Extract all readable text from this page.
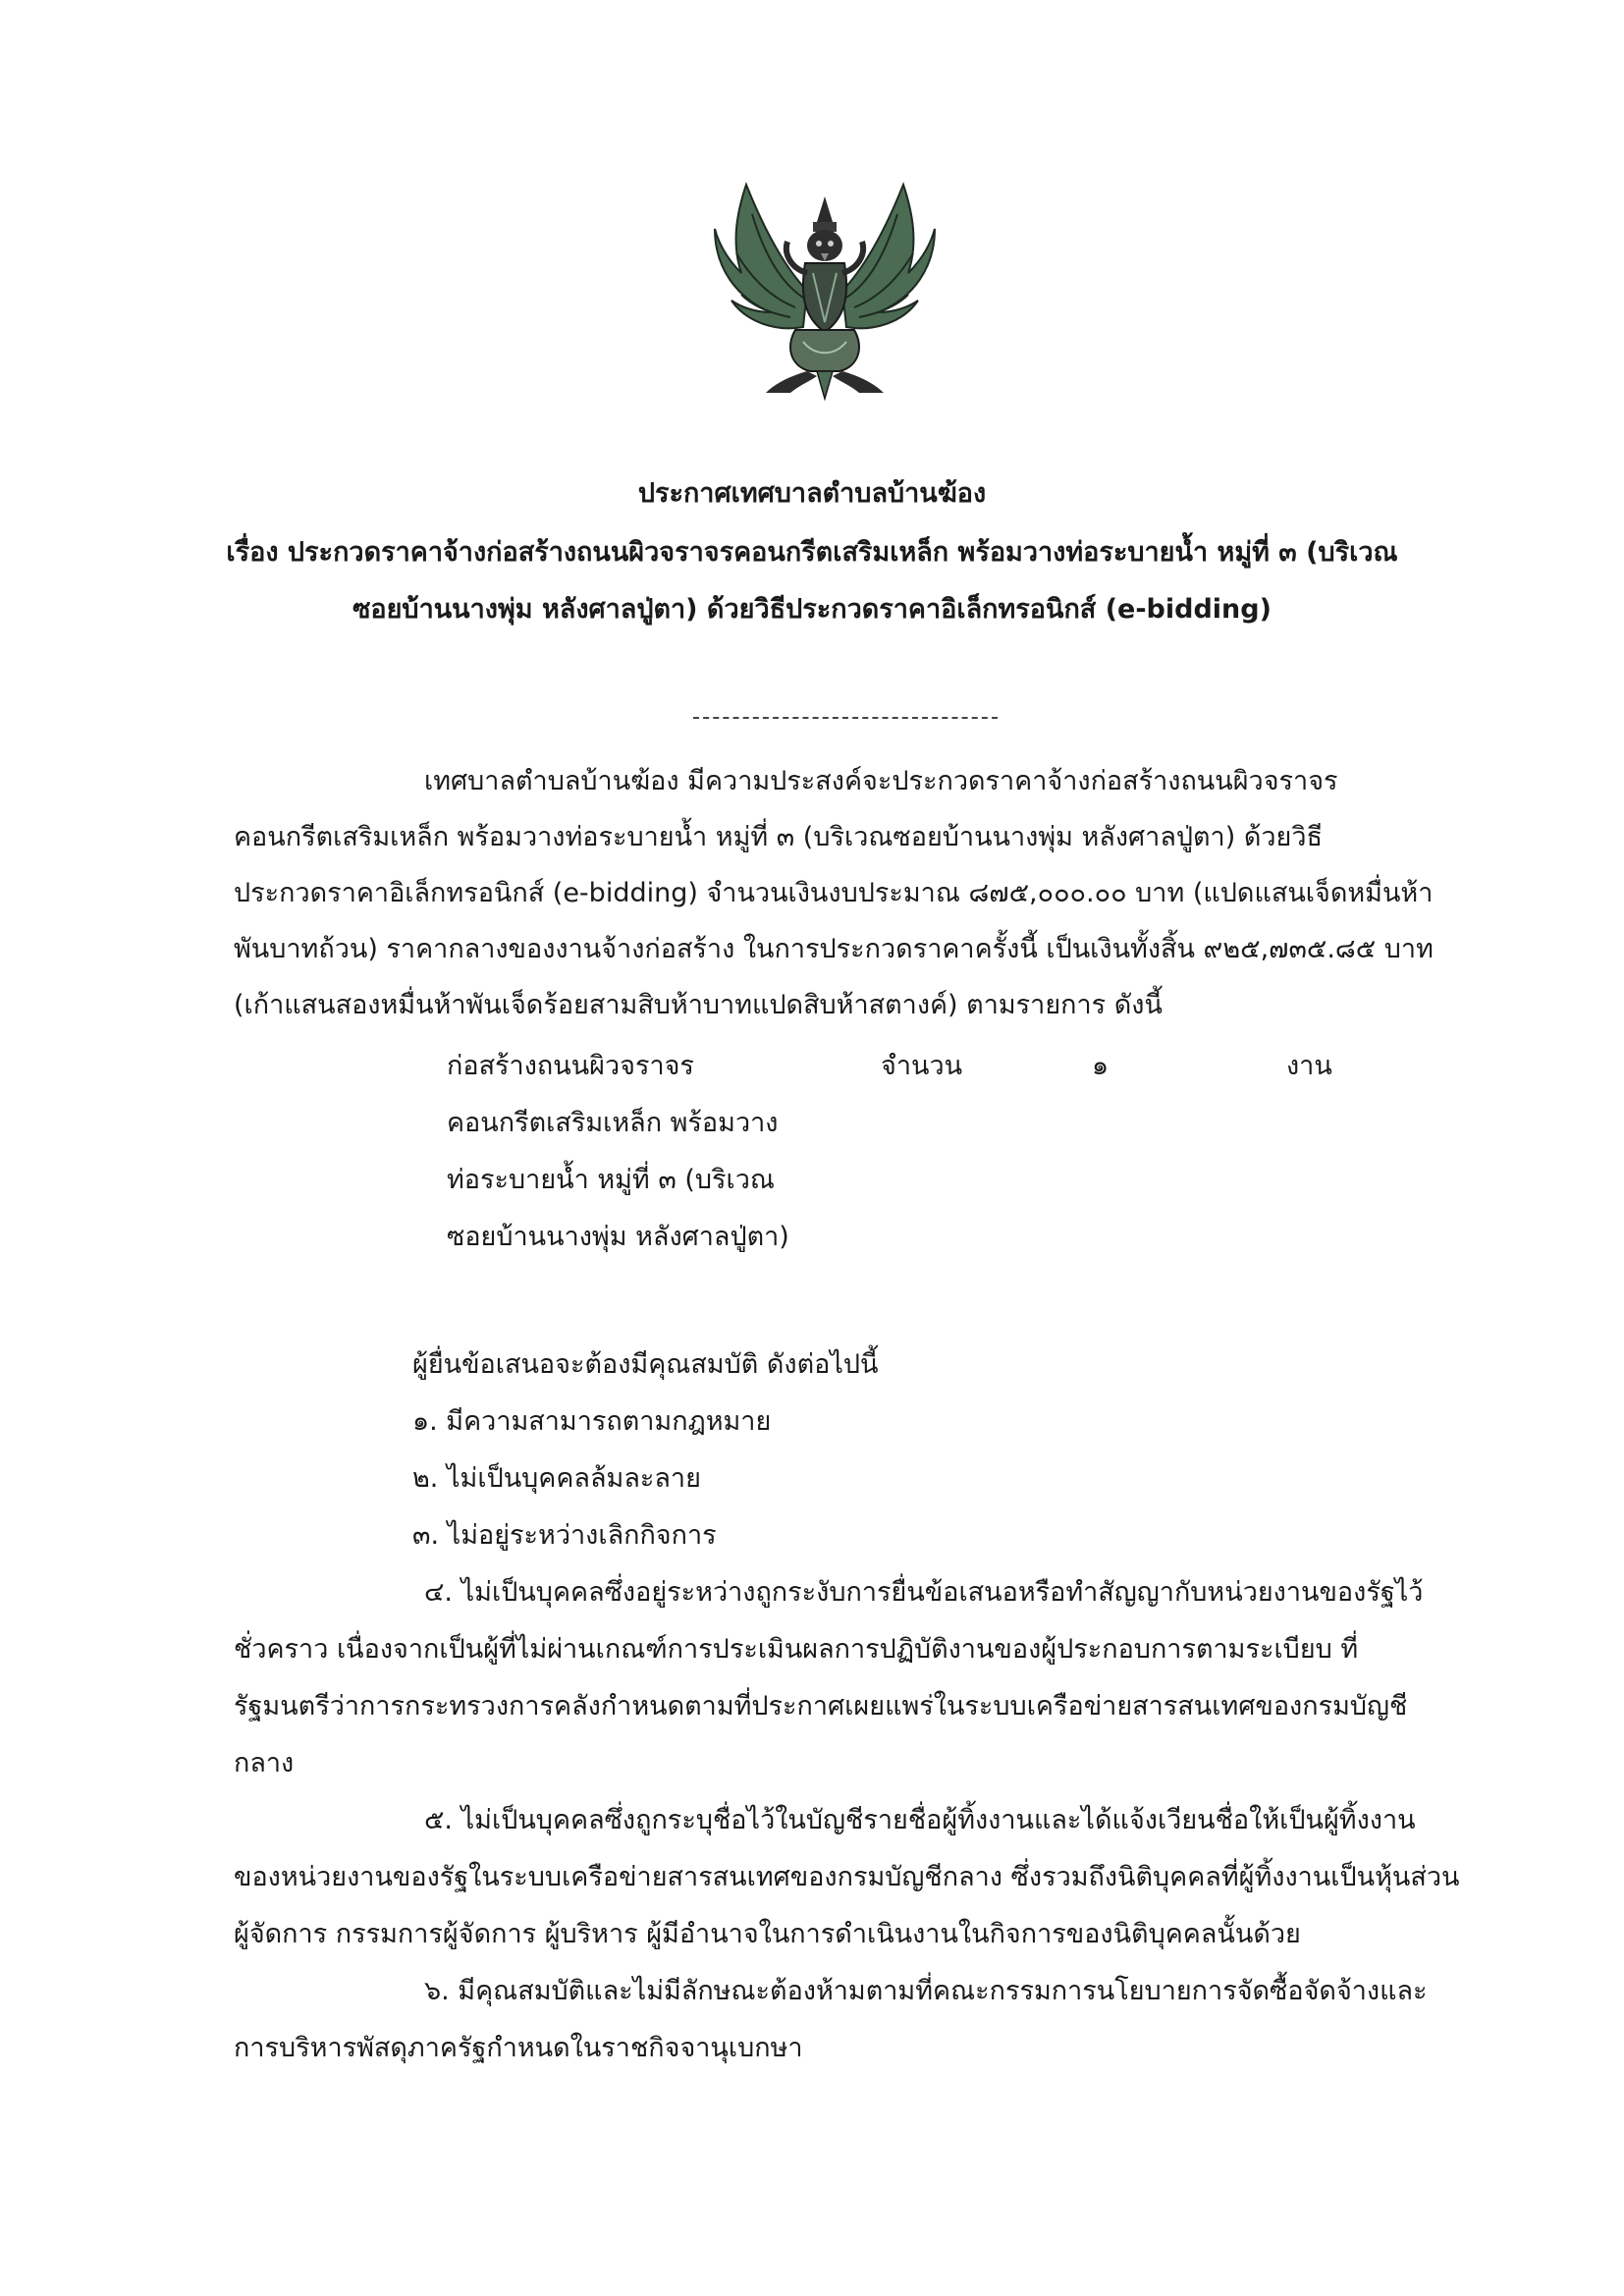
ประกาศเทศบาลตำบลบ้านฆ้อง
เรื่อง ประกวดราคาจ้างก่อสร้างถนนผิวจราจรคอนกรีตเสริมเหล็ก พร้อมวางท่อระบายน้ำ หมู่ที่ ๓ (บริเวณ
ซอยบ้านนางพุ่ม หลังศาลปู่ตา) ด้วยวิธีประกวดราคาอิเล็กทรอนิกส์ (e-bidding)
เทศบาลตำบลบ้านฆ้อง มีความประสงค์จะประกวดราคาจ้างก่อสร้างถนนผิวจราจร
คอนกรีตเสริมเหล็ก พร้อมวางท่อระบายน้ำ หมู่ที่ ๓ (บริเวณซอยบ้านนางพุ่ม หลังศาลปู่ตา) ด้วยวิธี
ประกวดราคาอิเล็กทรอนิกส์ (e-bidding) จำนวนเงินงบประมาณ ๘๗๕,๐๐๐.๐๐ บาท (แปดแสนเจ็ดหมื่นห้า
พันบาทถ้วน) ราคากลางของงานจ้างก่อสร้าง ในการประกวดราคาครั้งนี้ เป็นเงินทั้งสิ้น ๙๒๕,๗๓๕.๘๕ บาท
(เก้าแสนสองหมื่นห้าพันเจ็ดร้อยสามสิบห้าบาทแปดสิบห้าสตางค์) ตามรายการ ดังนี้
ก่อสร้างถนนผิวจราจร	จำนวน	๑	งาน
คอนกรีตเสริมเหล็ก พร้อมวาง
ท่อระบายน้ำ หมู่ที่ ๓ (บริเวณ
ซอยบ้านนางพุ่ม หลังศาลปู่ตา)
ผู้ยื่นข้อเสนอจะต้องมีคุณสมบัติ ดังต่อไปนี้
๑. มีความสามารถตามกฎหมาย
๒. ไม่เป็นบุคคลล้มละลาย
๓. ไม่อยู่ระหว่างเลิกกิจการ
๔. ไม่เป็นบุคคลซึ่งอยู่ระหว่างถูกระงับการยื่นข้อเสนอหรือทำสัญญากับหน่วยงานของรัฐไว้
ชั่วคราว เนื่องจากเป็นผู้ที่ไม่ผ่านเกณฑ์การประเมินผลการปฏิบัติงานของผู้ประกอบการตามระเบียบ ที่
รัฐมนตรีว่าการกระทรวงการคลังกำหนดตามที่ประกาศเผยแพร่ในระบบเครือข่ายสารสนเทศของกรมบัญชี
กลาง
๕. ไม่เป็นบุคคลซึ่งถูกระบุชื่อไว้ในบัญชีรายชื่อผู้ทิ้งงานและได้แจ้งเวียนชื่อให้เป็นผู้ทิ้งงาน
ของหน่วยงานของรัฐในระบบเครือข่ายสารสนเทศของกรมบัญชีกลาง ซึ่งรวมถึงนิติบุคคลที่ผู้ทิ้งงานเป็นหุ้นส่วน
ผู้จัดการ กรรมการผู้จัดการ ผู้บริหาร ผู้มีอำนาจในการดำเนินงานในกิจการของนิติบุคคลนั้นด้วย
๖. มีคุณสมบัติและไม่มีลักษณะต้องห้ามตามที่คณะกรรมการนโยบายการจัดซื้อจัดจ้างและ
การบริหารพัสดุภาครัฐกำหนดในราชกิจจานุเบกษา
